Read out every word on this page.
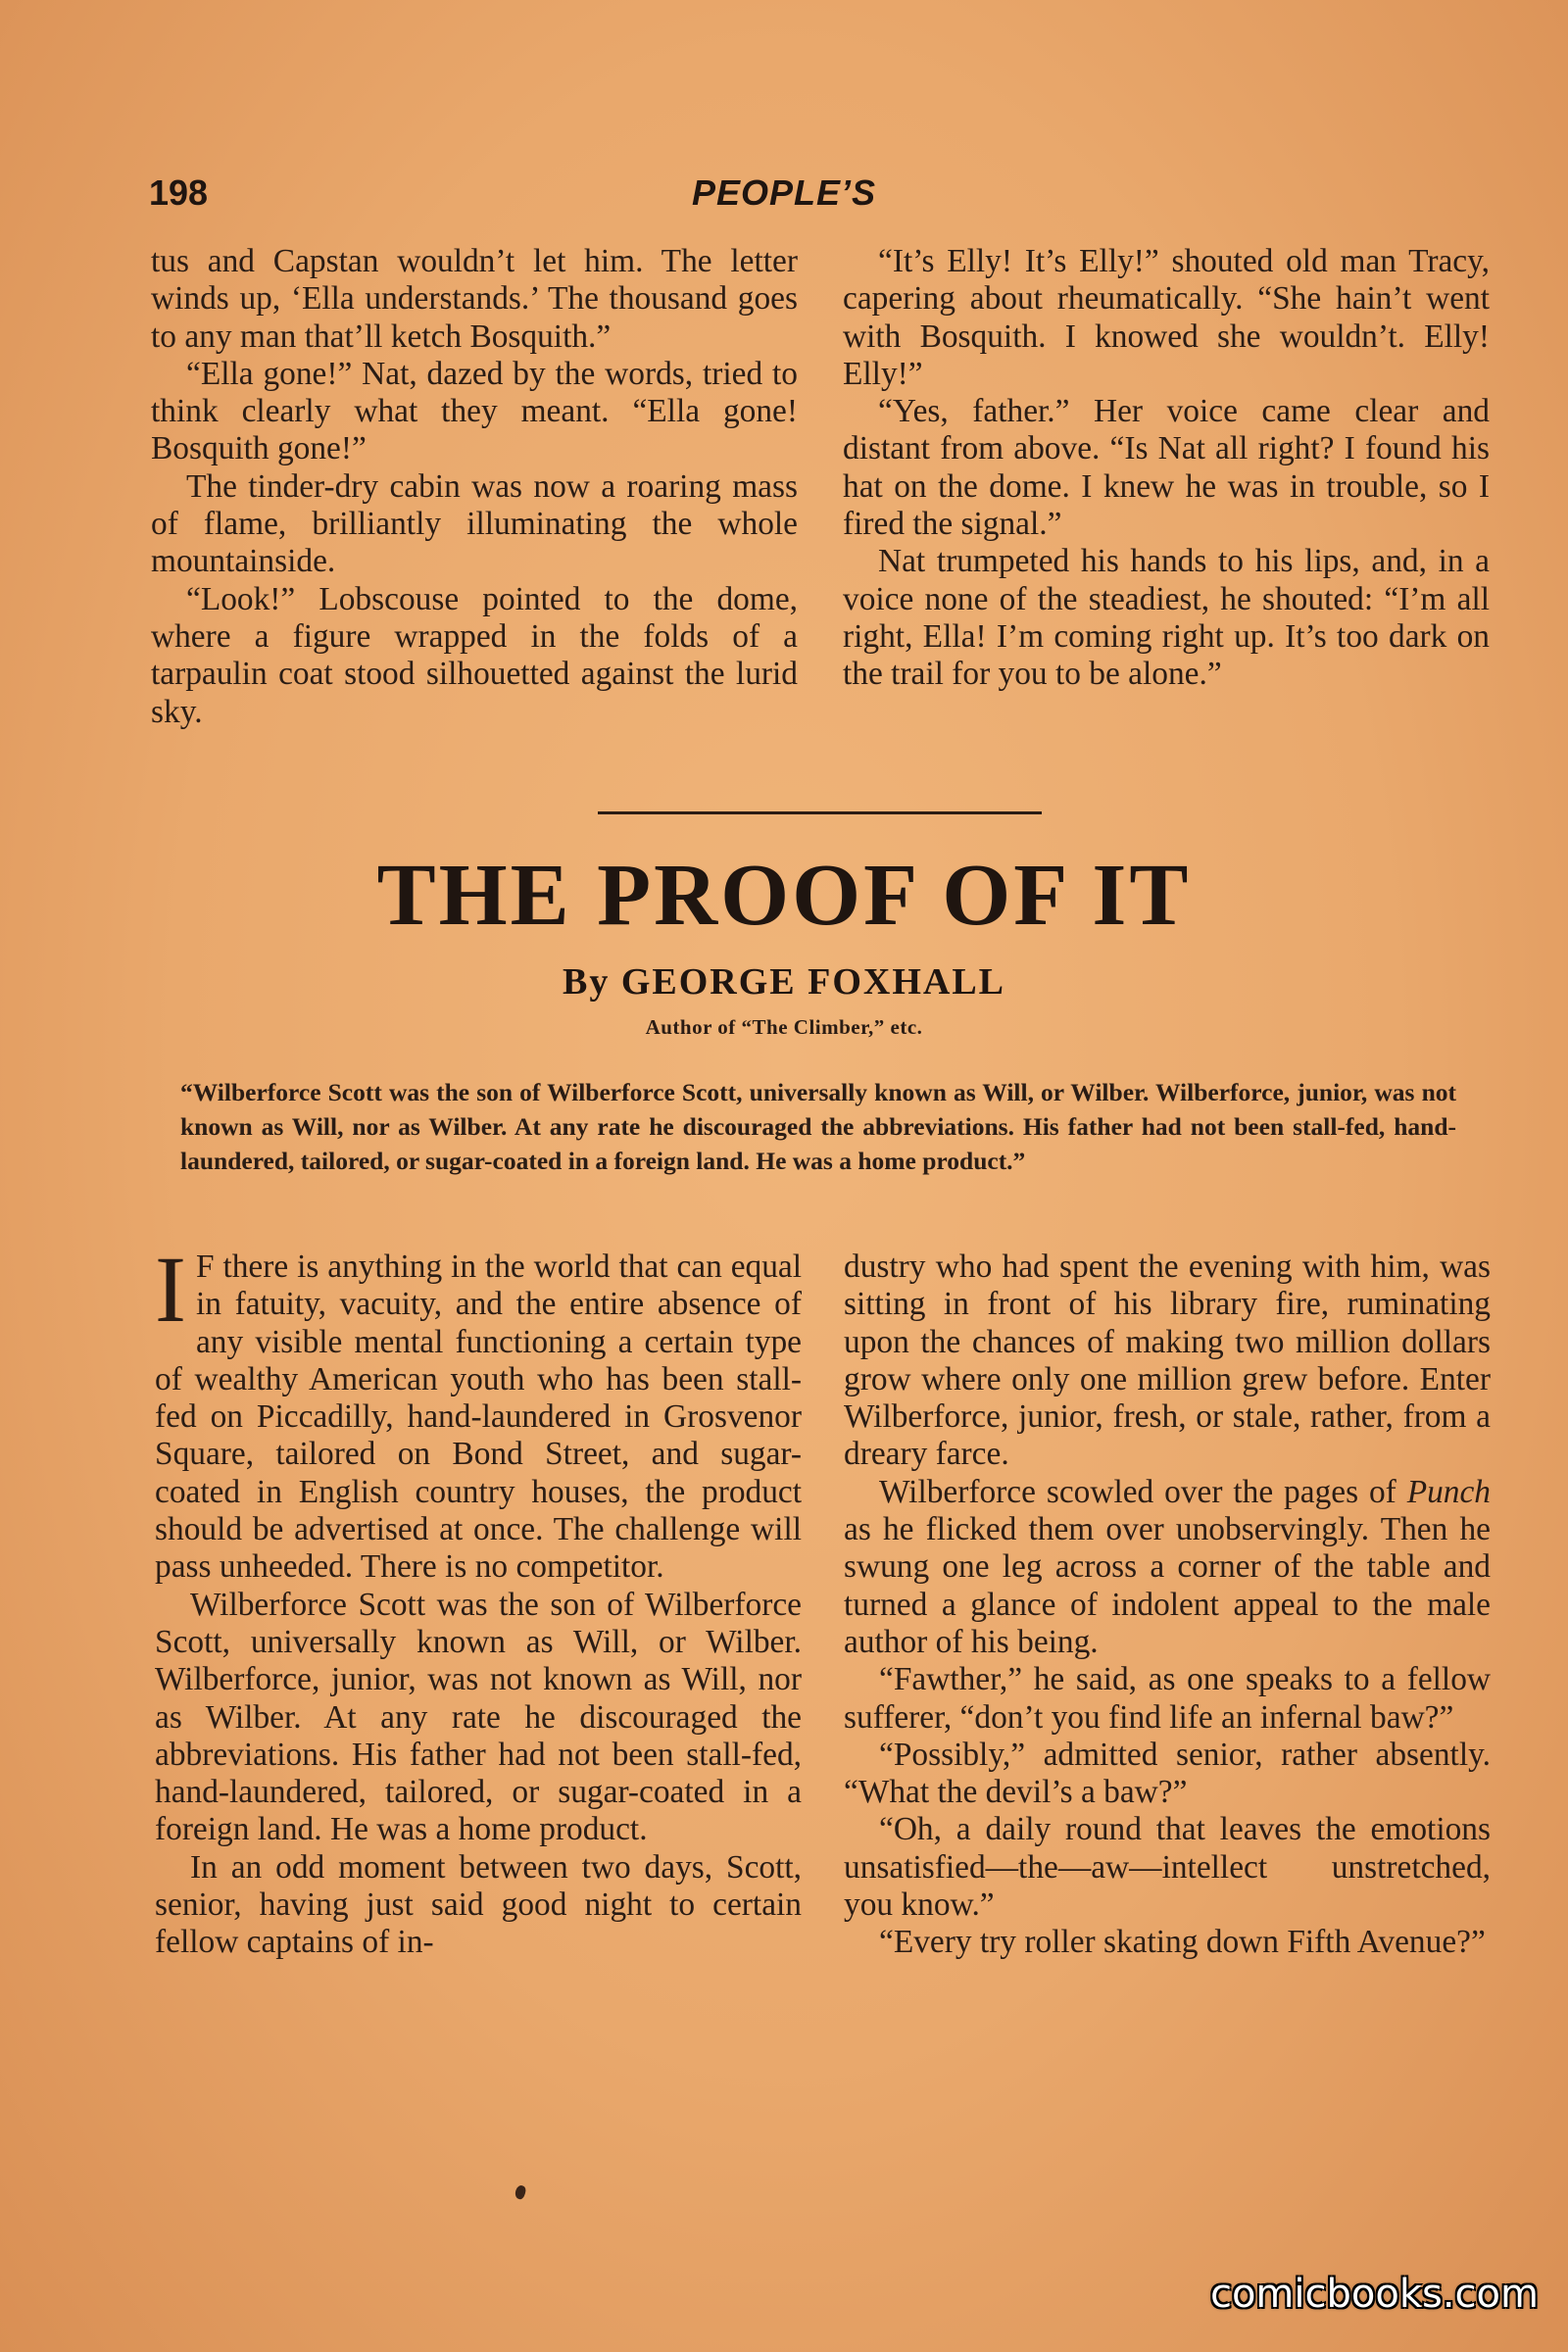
198	PEOPLE’S

tus and Capstan wouldn’t let him. The letter winds up, ‘Ella understands.’ The thousand goes to any man that’ll ketch Bosquith.”

“Ella gone!” Nat, dazed by the words, tried to think clearly what they meant. “Ella gone! Bosquith gone!”

The tinder-dry cabin was now a roaring mass of flame, brilliantly illuminating the whole mountainside.

“Look!” Lobscouse pointed to the dome, where a figure wrapped in the folds of a tarpaulin coat stood silhouetted against the lurid sky.

“It’s Elly! It’s Elly!” shouted old man Tracy, capering about rheumatically. “She hain’t went with Bosquith. I knowed she wouldn’t. Elly! Elly!”

“Yes, father.” Her voice came clear and distant from above. “Is Nat all right? I found his hat on the dome. I knew he was in trouble, so I fired the signal.”

Nat trumpeted his hands to his lips, and, in a voice none of the steadiest, he shouted: “I’m all right, Ella! I’m coming right up. It’s too dark on the trail for you to be alone.”

THE PROOF OF IT
By GEORGE FOXHALL
Author of “The Climber,” etc.
“Wilberforce Scott was the son of Wilberforce Scott, universally known as Will, or Wilber. Wilberforce, junior, was not known as Will, nor as Wilber. At any rate he discouraged the abbreviations. His father had not been stall-fed, hand-laundered, tailored, or sugar-coated in a foreign land. He was a home product.”

I F there is anything in the world that can equal in fatuity, vacuity, and the entire absence of any visible mental functioning a certain type of wealthy American youth who has been stall-fed on Piccadilly, hand-laundered in Grosvenor Square, tailored on Bond Street, and sugar-coated in English country houses, the product should be advertised at once. The challenge will pass unheeded. There is no competitor.

Wilberforce Scott was the son of Wilberforce Scott, universally known as Will, or Wilber. Wilberforce, junior, was not known as Will, nor as Wilber. At any rate he discouraged the abbreviations. His father had not been stall-fed, hand-laundered, tailored, or sugar-coated in a foreign land. He was a home product.

In an odd moment between two days, Scott, senior, having just said good night to certain fellow captains of in-

dustry who had spent the evening with him, was sitting in front of his library fire, ruminating upon the chances of making two million dollars grow where only one million grew before. Enter Wilberforce, junior, fresh, or stale, rather, from a dreary farce.

Wilberforce scowled over the pages of Punch as he flicked them over unobservingly. Then he swung one leg across a corner of the table and turned a glance of indolent appeal to the male author of his being.

“Fawther,” he said, as one speaks to a fellow sufferer, “don’t you find life an infernal baw?”

“Possibly,” admitted senior, rather absently. “What the devil’s a baw?”

“Oh, a daily round that leaves the emotions unsatisfied—the—aw—intellect unstretched, you know.”

“Every try roller skating down Fifth Avenue?”

comicbooks.com
